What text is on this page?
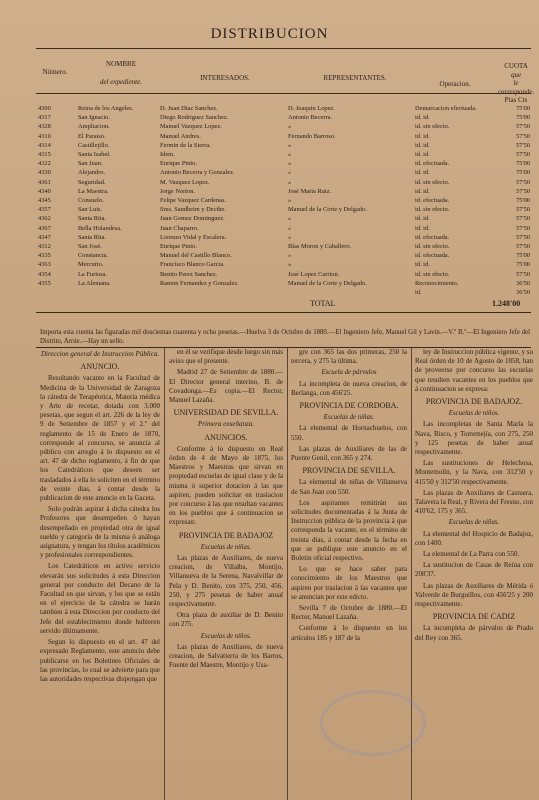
DISTRIBUCION
Número.
NOMBRE
del expediente.	INTERESADOS.	REPRESENTANTES.
Operacion.
CUOTA
que
le corresponde.
Ptas Cts
4300	Reina de los Angeles.	D. Juan Diaz Sanchez.	D. Joaquin Lopez.	Demarcacion efectuada.	75'00
4317	San Ignacio.	Diego Rodriguez Sanchez.	Antonio Becerra.	id. id.	75'00
4328	Ampliacion.	Manuel Vazquez Lopez.	»	id. sin efecto.	57'50
4310	El Paraiso.	Manuel Andres.	Fernando Barroso.	id. id.	57'50
4314	Castillejillo.	Fermin de la Sierra.	»	id. id.	57'50
4315	Santa Isabel.	Idem.	»	id. id.	57'50
4322	San Juan.	Enrique Pinto.	»	id. efectuada.	75'00
4330	Alejandro.	Antonio Becerra y Gonzalez.	»	id. id.	75'00
4361	Seguridad.	M. Vazquez Lopez.	»	id. sin efecto.	57'50
4340	La Maestra.	Jorge Norton.	José Maria Ruiz.	id. id.	57'50
4345	Consuelo.	Felipe Vazquez Cardenas.	»	id. efectuada.	75'00
4357	San Luis.	Sres. Sandheim y Decthe.	Manuel de la Corte y Delgado.	id. sin efecto.	57'50
4362	Santa Rita.	Juan Gomez Dominguez.	»	id. id.	57'50
4367	Bella Holandesa.	Juan Chaparro.	»	id. id.	57'50
4347	Santa Rita.	Lorenzo Vidal y Escalera.	»	id. efectuada.	57'50
4312	San José.	Enrique Pinto.	Blas Moron y Caballero.	id. sin efecto.	57'50
4335	Constancia.	Manuel del Castillo Blanco.	»	id. efectuada.	75'00
4363	Mercurio.	Francisco Blanco Garcia.	»	id. id.	75'00
4354	La Furiosa.	Benito Perez Sanchez.	José Lopez Carrion.	id. sin efecto.	57'50
4355	La Alemana.	Ramon Fernandez y Gonzalez.	Manuel de la Corte y Delgado.	Reconocimiento.	36'50
id.	36'50
TOTAL	1.248'00
Importa esta cuenta las figuradas mil doscientas cuarenta y ocho pesetas.—Huelva 3 de Octubre de 1880.—El Ingeniero Jefe, Manuel Gil y Lavin.—V.º B.º—El Ingeniero Jefe del Distrito, Arrúe.—Hay un sello.

Direccion general de Instruccion Pública.

ANUNCIO.

Resultando vacante en la Facultad de Medicina de la Universidad de Zaragoza la cátedra de Terapéutica, Materia médica y Arte de recetar, dotada con 3.000 pesetas, que segun el art. 226 de la ley de 9 de Setiembre de 1857 y el 2.º del reglamento de 15 de Enero de 1870, corresponde al concurso, se anuncia al público con arreglo á lo dispuesto en el art. 47 de dicho reglamento, á fin de que los Catedráticos que deseen ser trasladados á ella lo soliciten en el término de veinte dias, á contar desde la publicacion de este anuncio en la Gaceta.

Solo podrán aspirar á dicha cátedra los Profesores que desempeñen ó hayan desempeñado en propiedad otra de igual sueldo y categoría de la misma ó análoga asignatura, y tengan los títulos académicos y profesionales correspondientes.

Los Catedráticos en activo servicio elevarán sus solicitudes á esta Direccion general por conducto del Decano de la Facultad en que sirvan, y los que se están en el ejercicio de la cátedra se harán tambien á esta Direccion por conducto del Jefe del establecimiento donde hubieren servido últimamente.

Segun lo dispuesto en el art. 47 del expresado Reglamento, este anuncio debe publicarse en los Boletines Oficiales de las provincias, lo cual se advierte para que las autoridades respectivas dispongan que

en él se verifique desde luego sin más aviso que el presente.

Madrid 27 de Setiembre de 1880.—El Director general interino, B. de Covadonga.—Es copia.—El Rector, Manuel Lazaña.

UNIVERSIDAD DE SEVILLA.

Primera enseñanza.

ANUNCIOS.

Conforme á lo dispuesto en Real órden de 4 de Mayo de 1875, los Maestros y Maestras que sirvan en propiedad escuelas de igual clase y de la misma ó superior dotacion á las que aspiren, pueden solicitar en traslacion por concurso á las que resultan vacantes en los pueblos que á continuacion se expresan:

PROVINCIA DE BADAJOZ

Escuelas de niñas.

Las plazas de Auxiliares, de nueva creacion, de Villalba, Montijo, Villanueva de la Serena, Navalvillar de Pela y D. Benito, con 375, 250, 456, 250, y 275 pesetas de haber anual respectivamente.

Otra plaza de auxiliar de D. Benito con 275.

Escuelas de niños.

Las plazas de Auxiliares, de nueva creacion, de Salvatierra de los Barros, Fuente del Maestre, Montijo y Usa-

gre con 365 las dos primeras, 250 la tercera, y 275 la última.

Escuela de párvulos

La incompleta de nueva creacion, de Berlanga, con 456'25.

PROVINCIA DE CORDOBA.

Escuelas de niñas.

La elemental de Hornachuelos, con 550.

Las plazas de Auxiliares de las de Puente Genil, con 365 y 274.

PROVINCIA DE SEVILLA.

La elemental de niñas de Villanueva de San Juan con 550.

Los aspirantes remitirán sus solicitudes documentadas á la Junta de Instruccion pública de la provincia á que corresponda la vacante, en el término de treinta dias, á contar desde la fecha en que se publique este anuncio en el Boletin oficial respectivo.

Lo que se hace saber para conocimiento de los Maestros que aspiren por traslacion á las vacantes que se anuncian por este edicto.

Sevilla 7 de Octubre de 1880.—El Rector, Manuel Lazaña.

Conforme á lo dispuesto en los artículos 185 y 187 de la

ley de Instruccion pública vigente, y su Real órden de 10 de Agosto de 1858, han de proveerse por concurso las escuelas que resulten vacantes en los pueblos que á continuacion se expresa:

PROVINCIA DE BADAJOZ.

Escuelas de niños.

Las incompletas de Santa María la Nava, Risco, y Torremejía, con 275, 250 y 125 pesetas de haber anual respectivamente.

Las sustituciones de Helechosa, Montemolín, y la Nava, con 312'50 y 415'50 y 312'50 respectivamente.

Las plazas de Auxiliares de Castuera, Talavera la Real, y Rivera del Fresno, con 410'62, 175 y 365.

Escuelas de niñas.

La elemental del Hospicio de Badajoz, con 1400.

La elemental de La Parra con 550.

La sustitucion de Casas de Reina con 208'37.

Las plazas de Auxiliares de Mérida ó Valverde de Burguillos, con 456'25 y 200 respectivamente.

PROVINCIA DE CADIZ

La incompleta de párvulos de Prado del Rey con 365.
